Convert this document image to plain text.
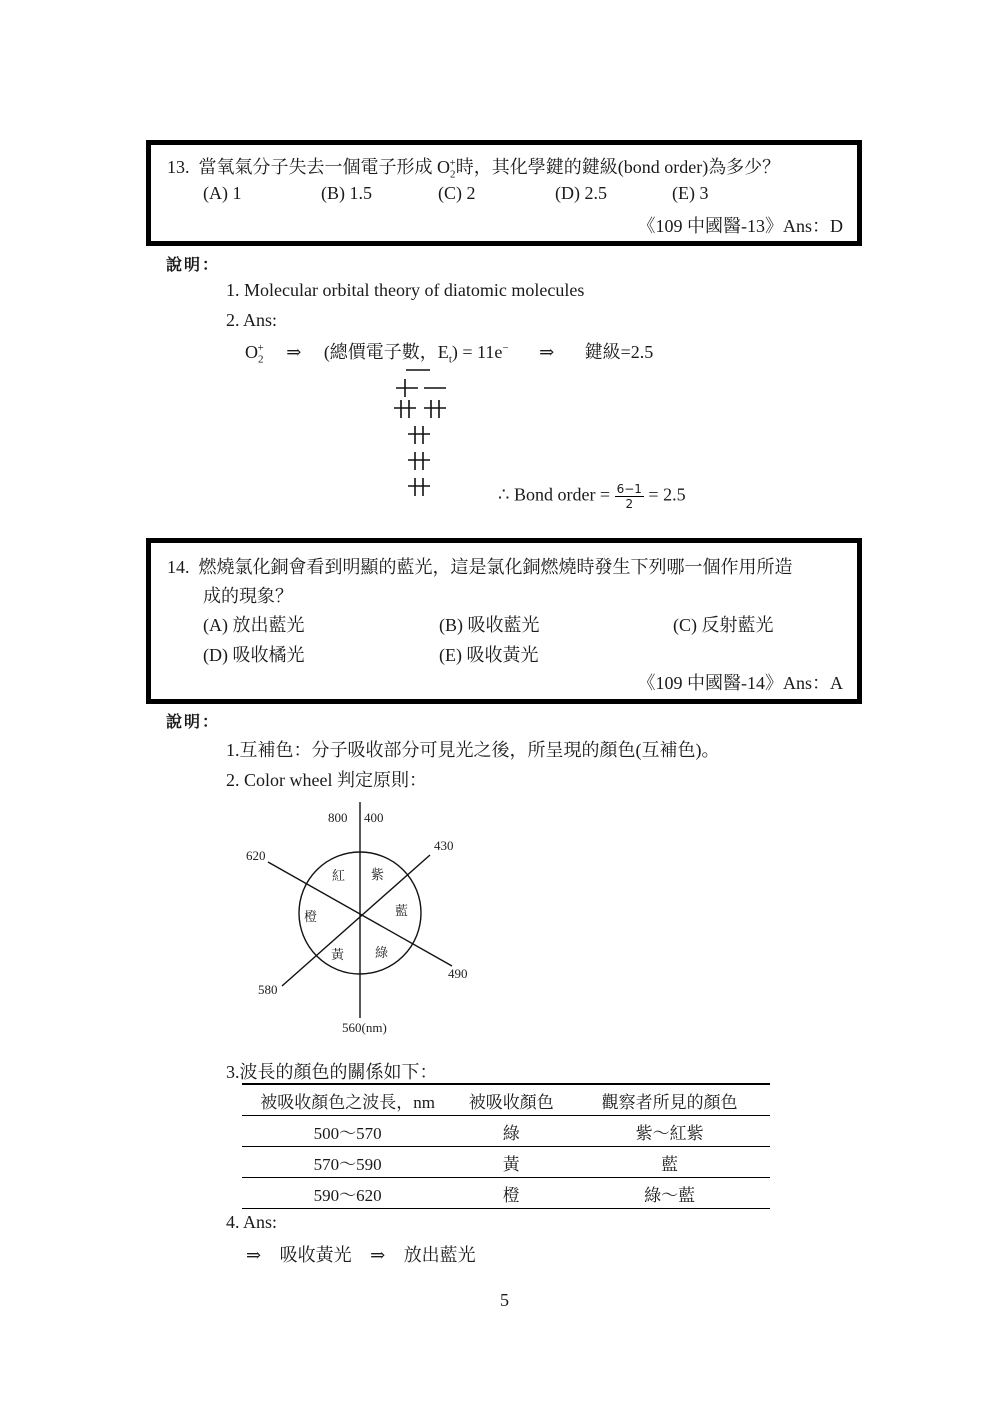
13. 當氧氣分子失去一個電子形成 $O_2^+$時，其化學鍵的鍵級(bond order)為多少？
(A) 1	(B) 1.5	(C) 2	(D) 2.5	(E) 3
《109 中國醫-13》Ans：D
說明：
1. Molecular orbital theory of diatomic molecules
2. Ans:
$O_2^+$ ⇒ (總價電子數，$E_t) = 11e^-$ ⇒ 鍵級=2.5
∴ Bond order = $\frac{6-1}{2} = 2.5$
14. 燃燒氯化銅會看到明顯的藍光，這是氯化銅燃燒時發生下列哪一個作用所造
成的現象？
(A) 放出藍光	(B) 吸收藍光	(C) 反射藍光
(D) 吸收橘光	(E) 吸收黃光
《109 中國醫-14》Ans：A
說明：
1.互補色：分子吸收部分可見光之後，所呈現的顏色(互補色)。
2. Color wheel 判定原則：
800 400
430
620
490
580
560(nm)
紅 紫
橙	藍
黃 綠
3.波長的顏色的關係如下：
被吸收顏色之波長，nm	被吸收顏色	觀察者所見的顏色
500～570	綠	紫～紅紫
570～590	黃	藍
590～620	橙	綠～藍
4. Ans:
⇒ 吸收黃光 ⇒ 放出藍光
5
